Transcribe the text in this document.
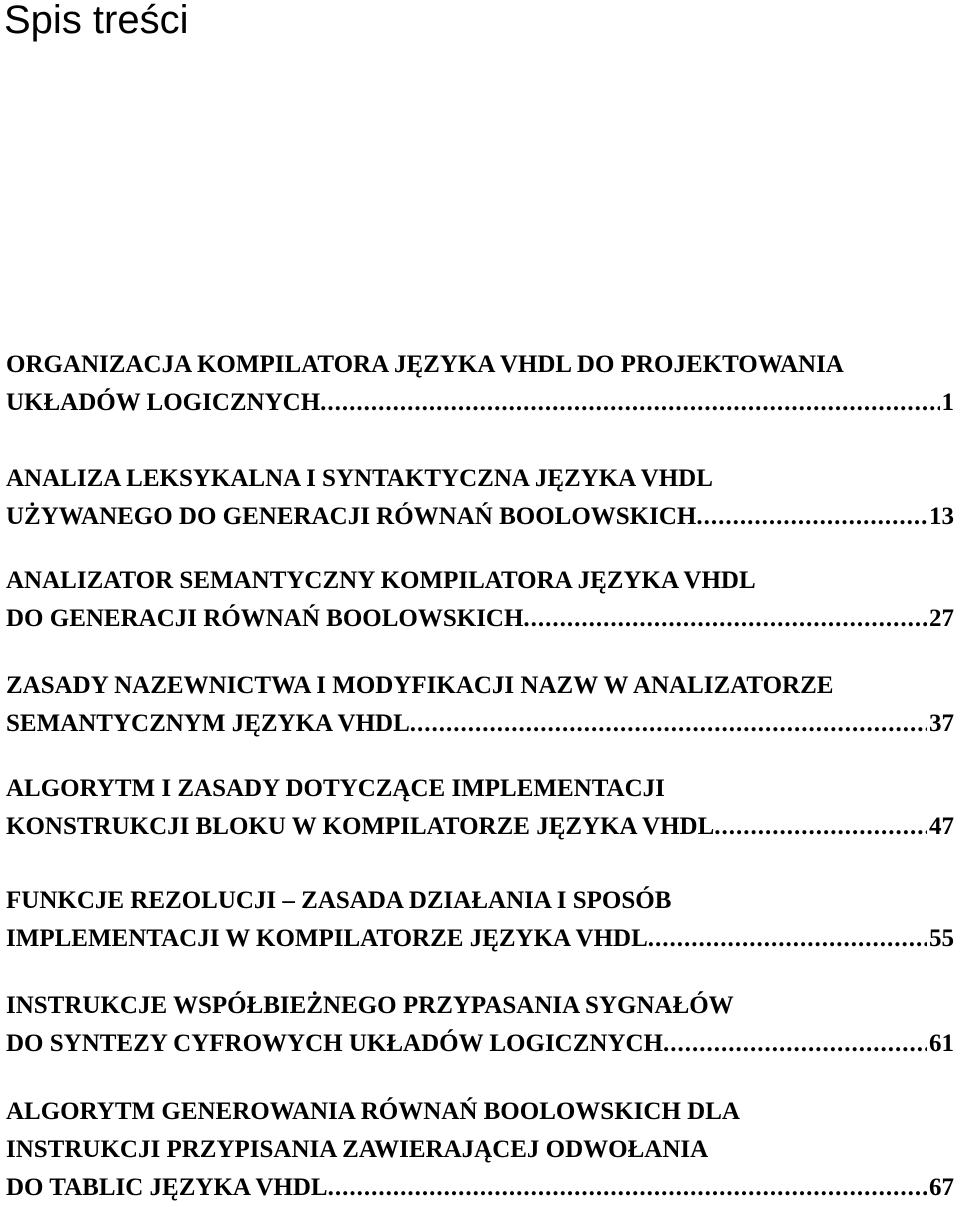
Spis treści
ORGANIZACJA KOMPILATORA JĘZYKA VHDL DO PROJEKTOWANIA
UKŁADÓW LOGICZNYCH .....	1
ANALIZA LEKSYKALNA I SYNTAKTYCZNA JĘZYKA VHDL
UŻYWANEGO DO GENERACJI RÓWNAŃ BOOLOWSKICH .....	13
ANALIZATOR SEMANTYCZNY KOMPILATORA JĘZYKA VHDL
DO GENERACJI RÓWNAŃ BOOLOWSKICH .....	27
ZASADY NAZEWNICTWA I MODYFIKACJI NAZW W ANALIZATORZE
SEMANTYCZNYM JĘZYKA VHDL .....	37
ALGORYTM I ZASADY DOTYCZĄCE IMPLEMENTACJI
KONSTRUKCJI BLOKU W KOMPILATORZE JĘZYKA VHDL .....	47
FUNKCJE REZOLUCJI – ZASADA DZIAŁANIA I SPOSÓB
IMPLEMENTACJI W KOMPILATORZE JĘZYKA VHDL .....	55
INSTRUKCJE WSPÓŁBIEŻNEGO PRZYPASANIA SYGNAŁÓW
DO SYNTEZY CYFROWYCH UKŁADÓW LOGICZNYCH .....	61
ALGORYTM GENEROWANIA RÓWNAŃ BOOLOWSKICH DLA
INSTRUKCJI PRZYPISANIA ZAWIERAJĄCEJ ODWOŁANIA
DO TABLIC JĘZYKA VHDL .....	67
